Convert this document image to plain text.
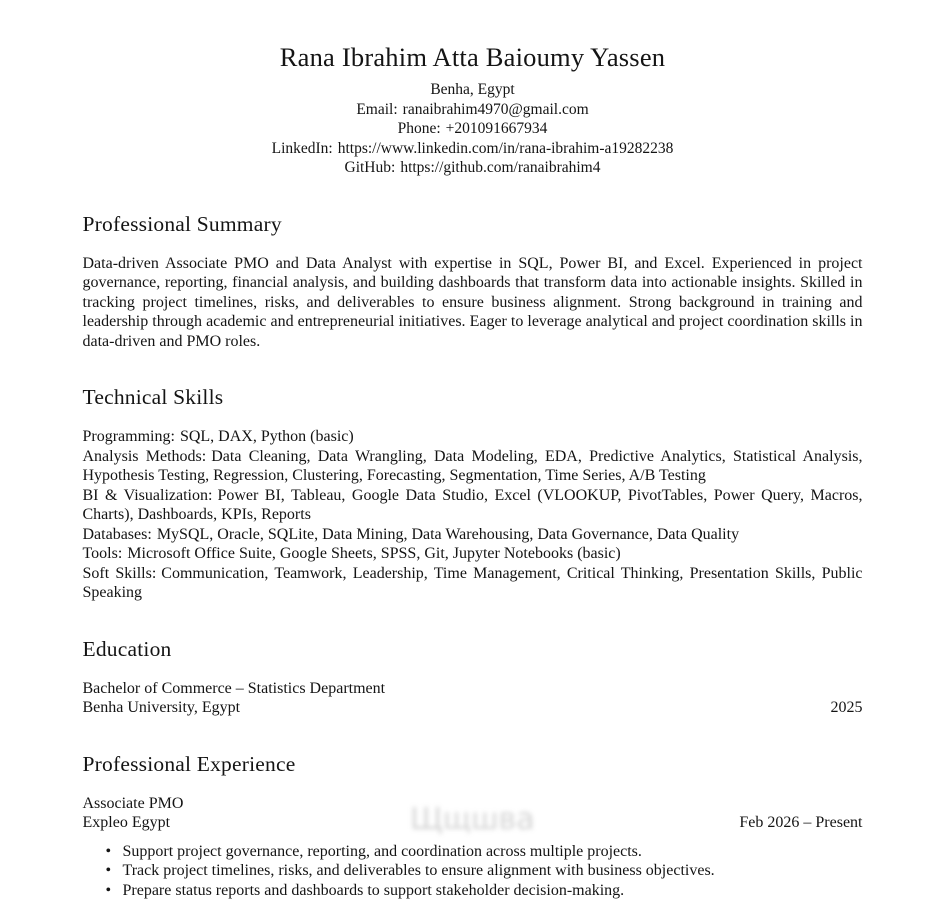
Rana Ibrahim Atta Baioumy Yassen
Benha, Egypt
Email: ranaibrahim4970@gmail.com
Phone: +201091667934
LinkedIn: https://www.linkedin.com/in/rana-ibrahim-a19282238
GitHub: https://github.com/ranaibrahim4
Professional Summary

Data-driven Associate PMO and Data Analyst with expertise in SQL, Power BI, and Excel. Experienced in project governance, reporting, financial analysis, and building dashboards that transform data into actionable insights. Skilled in tracking project timelines, risks, and deliverables to ensure business alignment. Strong background in training and leadership through academic and entrepreneurial initiatives. Eager to leverage analytical and project coordination skills in data-driven and PMO roles.

Technical Skills
Programming: SQL, DAX, Python (basic)
Analysis Methods: Data Cleaning, Data Wrangling, Data Modeling, EDA, Predictive Analytics, Statistical Analysis, Hypothesis Testing, Regression, Clustering, Forecasting, Segmentation, Time Series, A/B Testing
BI & Visualization: Power BI, Tableau, Google Data Studio, Excel (VLOOKUP, PivotTables, Power Query, Macros, Charts), Dashboards, KPIs, Reports
Databases: MySQL, Oracle, SQLite, Data Mining, Data Warehousing, Data Governance, Data Quality
Tools: Microsoft Office Suite, Google Sheets, SPSS, Git, Jupyter Notebooks (basic)
Soft Skills: Communication, Teamwork, Leadership, Time Management, Critical Thinking, Presentation Skills, Public Speaking
Education
Bachelor of Commerce – Statistics Department
Benha University, Egypt	2025
Professional Experience
Associate PMO
Expleo Egypt	Feb 2026 – Present
• Support project governance, reporting, and coordination across multiple projects.
• Track project timelines, risks, and deliverables to ensure alignment with business objectives.
• Prepare status reports and dashboards to support stakeholder decision-making.
Щщшва
